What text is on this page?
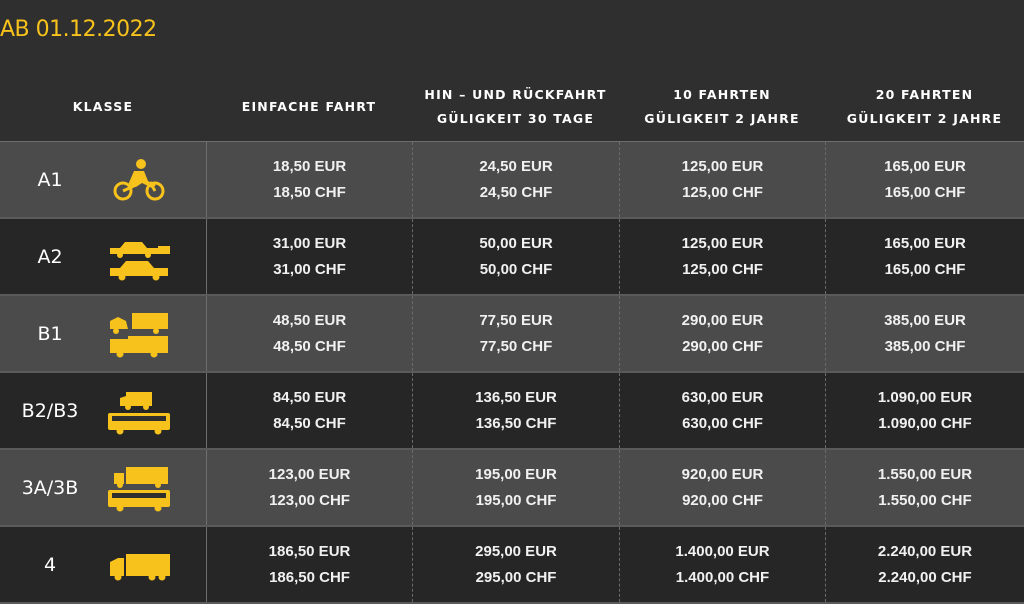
AB 01.12.2022
KLASSE	EINFACHE FAHRT
HIN – UND RÜCKFAHRT
GÜLIGKEIT 30 TAGE
10 FAHRTEN
GÜLIGKEIT 2 JAHRE
20 FAHRTEN
GÜLIGKEIT 2 JAHRE
A1
18,50 EUR
18,50 CHF
24,50 EUR
24,50 CHF
125,00 EUR
125,00 CHF
165,00 EUR
165,00 CHF
A2
31,00 EUR
31,00 CHF
50,00 EUR
50,00 CHF
125,00 EUR
125,00 CHF
165,00 EUR
165,00 CHF
B1
48,50 EUR
48,50 CHF
77,50 EUR
77,50 CHF
290,00 EUR
290,00 CHF
385,00 EUR
385,00 CHF
B2/B3
84,50 EUR
84,50 CHF
136,50 EUR
136,50 CHF
630,00 EUR
630,00 CHF
1.090,00 EUR
1.090,00 CHF
3A/3B
123,00 EUR
123,00 CHF
195,00 EUR
195,00 CHF
920,00 EUR
920,00 CHF
1.550,00 EUR
1.550,00 CHF
4
186,50 EUR
186,50 CHF
295,00 EUR
295,00 CHF
1.400,00 EUR
1.400,00 CHF
2.240,00 EUR
2.240,00 CHF
